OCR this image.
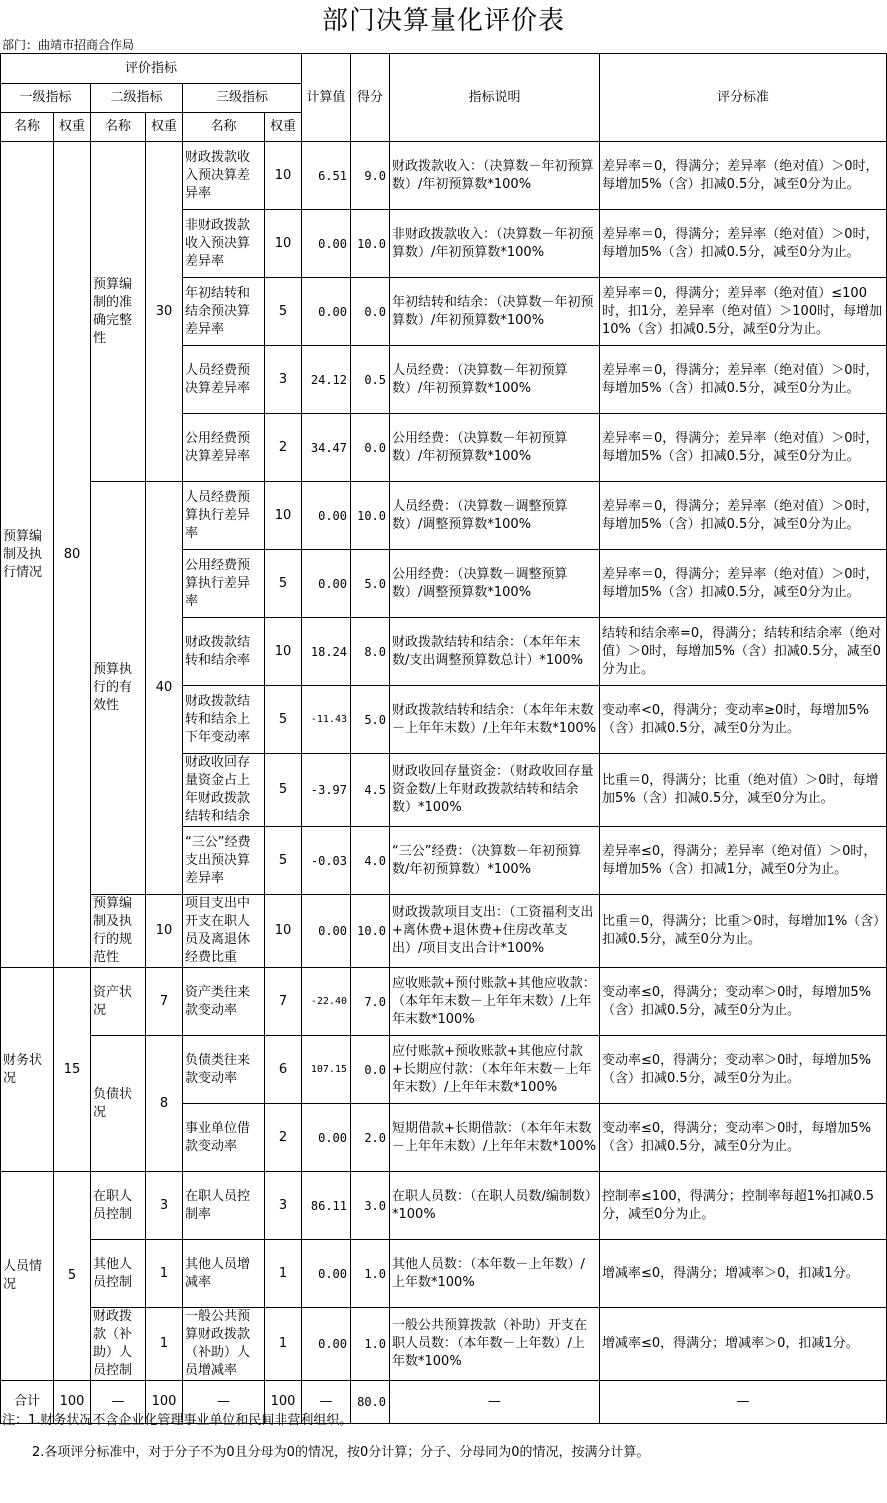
部门决算量化评价表
部门：曲靖市招商合作局
评价指标						计算值	得分	指标说明	评分标准
一级指标		二级指标		三级指标					
名称	权重	名称	权重	名称	权重				
预算编制及执行情况	80	预算编制的准确完整性	30	财政拨款收入预决算差异率	10	6.51	9.0	财政拨款收入：（决算数－年初预算数）/年初预算数*100%	差异率＝0，得满分；差异率（绝对值）＞0时，每增加5%（含）扣减0.5分，减至0分为止。
				非财政拨款收入预决算差异率	10	0.00	10.0	非财政拨款收入：（决算数－年初预算数）/年初预算数*100%	差异率＝0，得满分；差异率（绝对值）＞0时，每增加5%（含）扣减0.5分，减至0分为止。
				年初结转和结余预决算差异率	5	0.00	0.0	年初结转和结余：（决算数－年初预算数）/年初预算数*100%	差异率＝0，得满分；差异率（绝对值）≤100时，扣1分，差异率（绝对值）＞100时，每增加10%（含）扣减0.5分，减至0分为止。
				人员经费预决算差异率	3	24.12	0.5	人员经费：（决算数－年初预算数）/年初预算数*100%	差异率＝0，得满分；差异率（绝对值）＞0时，每增加5%（含）扣减0.5分，减至0分为止。
				公用经费预决算差异率	2	34.47	0.0	公用经费：（决算数－年初预算数）/年初预算数*100%	差异率＝0，得满分；差异率（绝对值）＞0时，每增加5%（含）扣减0.5分，减至0分为止。
		预算执行的有效性	40	人员经费预算执行差异率	10	0.00	10.0	人员经费：（决算数－调整预算数）/调整预算数*100%	差异率＝0，得满分；差异率（绝对值）＞0时，每增加5%（含）扣减0.5分，减至0分为止。
				公用经费预算执行差异率	5	0.00	5.0	公用经费：（决算数－调整预算数）/调整预算数*100%	差异率＝0，得满分；差异率（绝对值）＞0时，每增加5%（含）扣减0.5分，减至0分为止。
				财政拨款结转和结余率	10	18.24	8.0	财政拨款结转和结余：（本年年末数/支出调整预算数总计）*100%	结转和结余率=0，得满分；结转和结余率（绝对值）＞0时，每增加5%（含）扣减0.5分，减至0分为止。
				财政拨款结转和结余上下年变动率	5	-11.43	5.0	财政拨款结转和结余：（本年年末数－上年年末数）/上年年末数*100%	变动率<0，得满分；变动率≥0时，每增加5%（含）扣减0.5分，减至0分为止。
				财政收回存量资金占上年财政拨款结转和结余	5	-3.97	4.5	财政收回存量资金：（财政收回存量资金数/上年财政拨款结转和结余数）*100%	比重＝0，得满分；比重（绝对值）＞0时，每增加5%（含）扣减0.5分，减至0分为止。
				“三公”经费支出预决算差异率	5	-0.03	4.0	“三公”经费：（决算数－年初预算数/年初预算数）*100%	差异率≤0，得满分；差异率（绝对值）＞0时，每增加5%（含）扣减1分，减至0分为止。
		预算编制及执行的规范性	10	项目支出中开支在职人员及离退休经费比重	10	0.00	10.0	财政拨款项目支出：（工资福利支出+离休费+退休费+住房改革支出）/项目支出合计*100%	比重＝0，得满分；比重＞0时，每增加1%（含）扣减0.5分，减至0分为止。
财务状况	15	资产状况	7	资产类往来款变动率	7	-22.40	7.0	应收账款+预付账款+其他应收款：（本年年末数－上年年末数）/上年年末数*100%	变动率≤0，得满分；变动率＞0时，每增加5%（含）扣减0.5分，减至0分为止。
		负债状况	8	负债类往来款变动率	6	107.15	0.0	应付账款+预收账款+其他应付款+长期应付款：（本年年末数－上年年末数）/上年年末数*100%	变动率≤0，得满分；变动率＞0时，每增加5%（含）扣减0.5分，减至0分为止。
				事业单位借款变动率	2	0.00	2.0	短期借款+长期借款：（本年年末数－上年年末数）/上年年末数*100%	变动率≤0，得满分；变动率＞0时，每增加5%（含）扣减0.5分，减至0分为止。
人员情况	5	在职人员控制	3	在职人员控制率	3	86.11	3.0	在职人员数：（在职人员数/编制数）*100%	控制率≤100，得满分；控制率每超1%扣减0.5分，减至0分为止。
		其他人员控制	1	其他人员增减率	1	0.00	1.0	其他人员数：（本年数－上年数）/上年数*100%	增减率≤0，得满分；增减率＞0，扣减1分。
		财政拨款（补助）人员控制	1	一般公共预算财政拨款（补助）人员增减率	1	0.00	1.0	一般公共预算拨款（补助）开支在职人员数：（本年数－上年数）/上年数*100%	增减率≤0，得满分；增减率＞0，扣减1分。
合计	100	—	100	—	100	—	80.0	—	—
注：1.财务状况不含企业化管理事业单位和民间非营利组织。
2.各项评分标准中，对于分子不为0且分母为0的情况，按0分计算；分子、分母同为0的情况，按满分计算。
